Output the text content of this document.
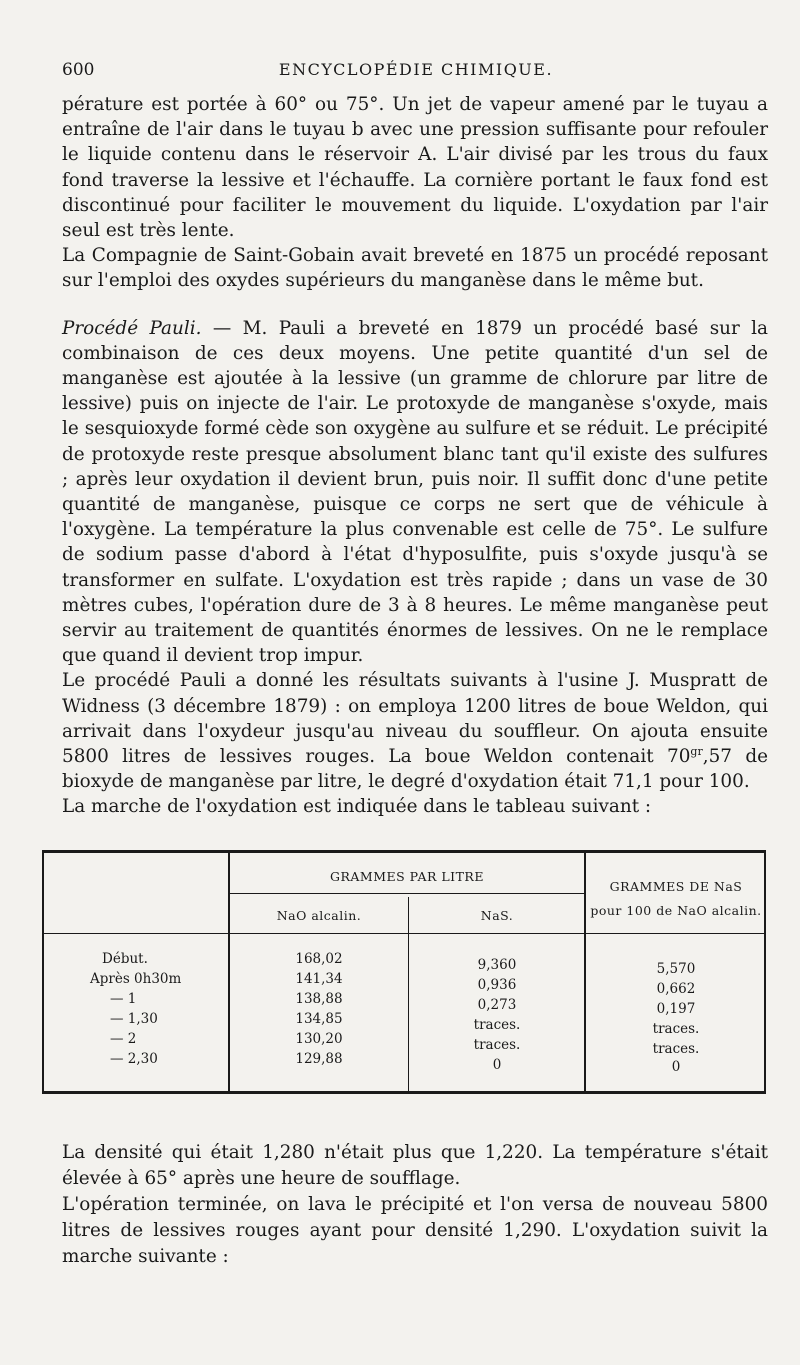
600	ENCYCLOPÉDIE CHIMIQUE.

pérature est portée à 60° ou 75°. Un jet de vapeur amené par le tuyau a entraîne de l'air dans le tuyau b avec une pression suffisante pour refouler le liquide contenu dans le réservoir A. L'air divisé par les trous du faux fond traverse la lessive et l'échauffe. La cornière portant le faux fond est discontinué pour faciliter le mouvement du liquide. L'oxydation par l'air seul est très lente.

La Compagnie de Saint-Gobain avait breveté en 1875 un procédé reposant sur l'emploi des oxydes supérieurs du manganèse dans le même but.

Procédé Pauli. — M. Pauli a breveté en 1879 un procédé basé sur la combinaison de ces deux moyens. Une petite quantité d'un sel de manganèse est ajoutée à la lessive (un gramme de chlorure par litre de lessive) puis on injecte de l'air. Le protoxyde de manganèse s'oxyde, mais le sesquioxyde formé cède son oxygène au sulfure et se réduit. Le précipité de protoxyde reste presque absolument blanc tant qu'il existe des sulfures ; après leur oxydation il devient brun, puis noir. Il suffit donc d'une petite quantité de manganèse, puisque ce corps ne sert que de véhicule à l'oxygène. La température la plus convenable est celle de 75°. Le sulfure de sodium passe d'abord à l'état d'hyposulfite, puis s'oxyde jusqu'à se transformer en sulfate. L'oxydation est très rapide ; dans un vase de 30 mètres cubes, l'opération dure de 3 à 8 heures. Le même manganèse peut servir au traitement de quantités énormes de lessives. On ne le remplace que quand il devient trop impur.

Le procédé Pauli a donné les résultats suivants à l'usine J. Muspratt de Widness (3 décembre 1879) : on employa 1200 litres de boue Weldon, qui arrivait dans l'oxydeur jusqu'au niveau du souffleur. On ajouta ensuite 5800 litres de lessives rouges. La boue Weldon contenait $70^{gr},57$ de bioxyde de manganèse par litre, le degré d'oxydation était 71,1 pour 100.

La marche de l'oxydation est indiquée dans le tableau suivant :

GRAMMES PAR LITRE
NaO alcalin.	NaS.
GRAMMES DE NaS
pour 100 de NaO alcalin.
Début.	168,02	9,360	5,570
Après 0h30m	141,34	0,936	0,662
— 1	138,88	0,273	0,197
— 1,30	134,85	traces.	traces.
— 2	130,20	traces.	traces.
— 2,30	129,88	0	0

La densité qui était 1,280 n'était plus que 1,220. La température s'était élevée à 65° après une heure de soufflage.

L'opération terminée, on lava le précipité et l'on versa de nouveau 5800 litres de lessives rouges ayant pour densité 1,290. L'oxydation suivit la marche suivante :
